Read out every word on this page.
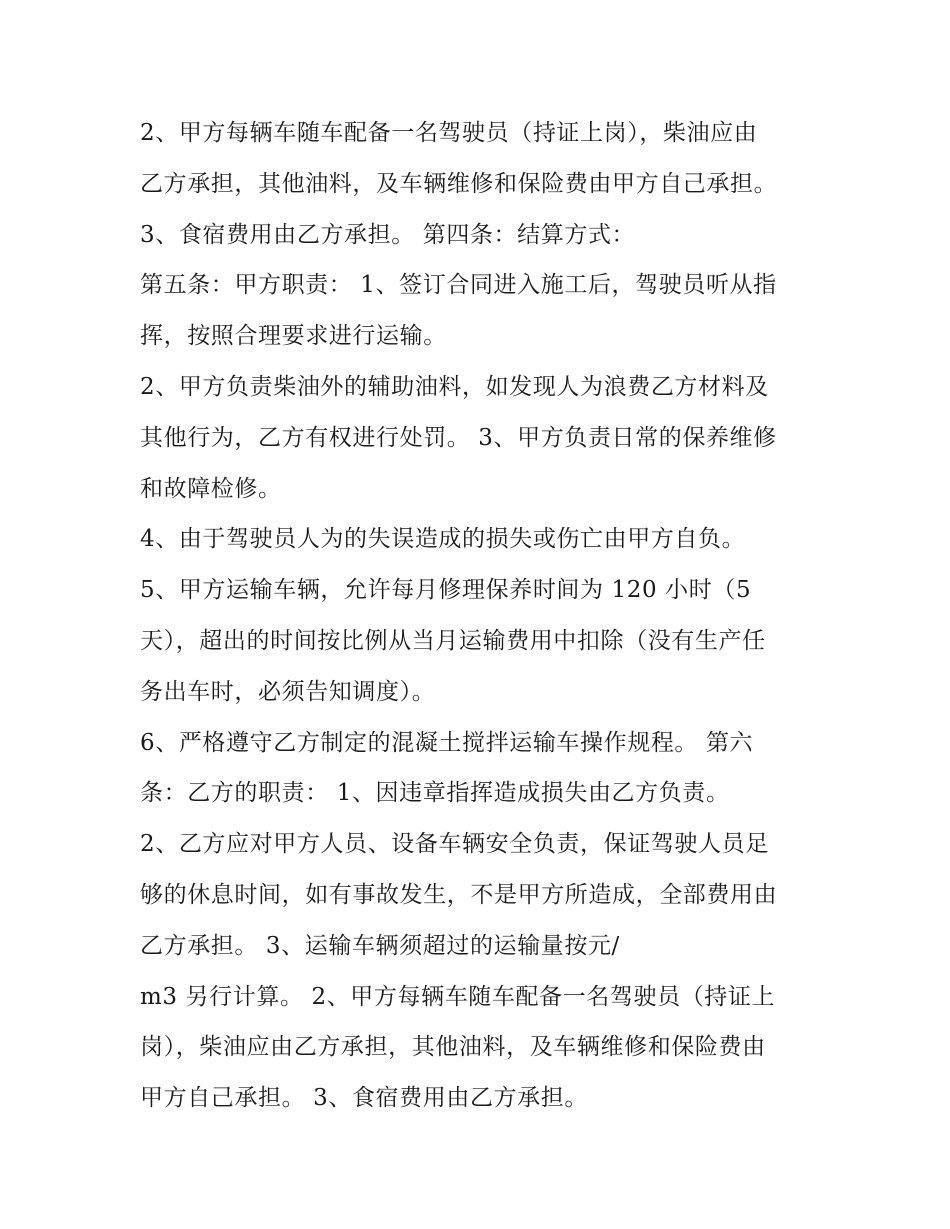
2、甲方每辆车随车配备一名驾驶员（持证上岗），柴油应由
乙方承担，其他油料，及车辆维修和保险费由甲方自己承担。
3、食宿费用由乙方承担。 第四条：结算方式：
第五条：甲方职责： 1、签订合同进入施工后，驾驶员听从指
挥，按照合理要求进行运输。
2、甲方负责柴油外的辅助油料，如发现人为浪费乙方材料及
其他行为，乙方有权进行处罚。 3、甲方负责日常的保养维修
和故障检修。
4、由于驾驶员人为的失误造成的损失或伤亡由甲方自负。
5、甲方运输车辆，允许每月修理保养时间为 120 小时（5
天），超出的时间按比例从当月运输费用中扣除（没有生产任
务出车时，必须告知调度）。
6、严格遵守乙方制定的混凝土搅拌运输车操作规程。 第六
条：乙方的职责： 1、因违章指挥造成损失由乙方负责。
2、乙方应对甲方人员、设备车辆安全负责，保证驾驶人员足
够的休息时间，如有事故发生，不是甲方所造成，全部费用由
乙方承担。 3、运输车辆须超过的运输量按元/
m3 另行计算。 2、甲方每辆车随车配备一名驾驶员（持证上
岗），柴油应由乙方承担，其他油料，及车辆维修和保险费由
甲方自己承担。 3、食宿费用由乙方承担。
